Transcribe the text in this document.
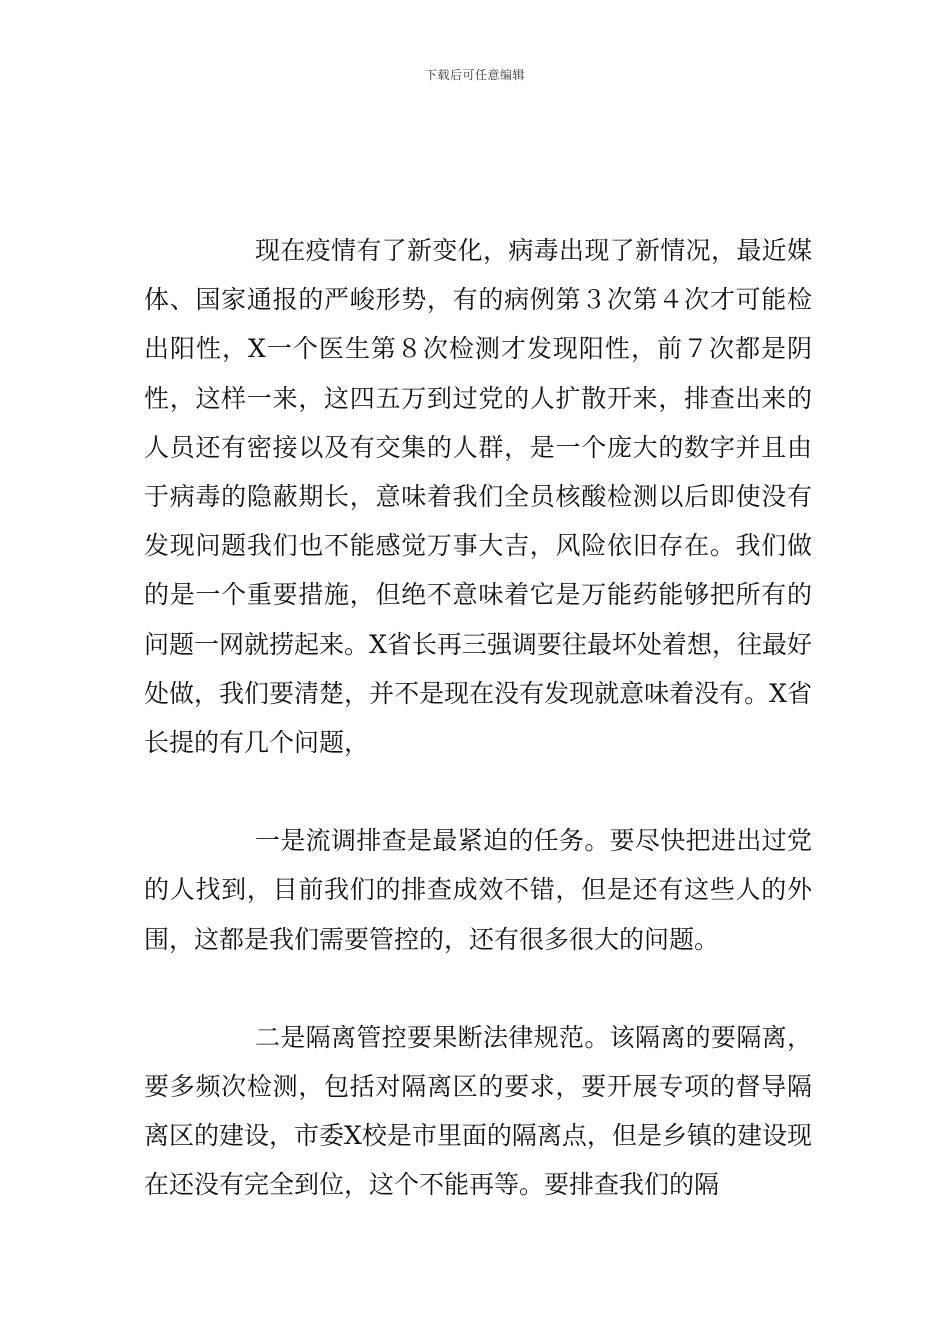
下载后可任意编辑

现在疫情有了新变化，病毒出现了新情况，最近媒体、国家通报的严峻形势，有的病例第３次第４次才可能检出阳性，X一个医生第８次检测才发现阳性，前７次都是阴性，这样一来，这四五万到过党的人扩散开来，排查出来的人员还有密接以及有交集的人群，是一个庞大的数字并且由于病毒的隐蔽期长，意味着我们全员核酸检测以后即使没有发现问题我们也不能感觉万事大吉，风险依旧存在。我们做的是一个重要措施，但绝不意味着它是万能药能够把所有的问题一网就捞起来。X省长再三强调要往最坏处着想，往最好处做，我们要清楚，并不是现在没有发现就意味着没有。X省长提的有几个问题，

一是流调排查是最紧迫的任务。要尽快把进出过党的人找到，目前我们的排查成效不错，但是还有这些人的外围，这都是我们需要管控的，还有很多很大的问题。

二是隔离管控要果断法律规范。该隔离的要隔离，要多频次检测，包括对隔离区的要求，要开展专项的督导隔离区的建设，市委X校是市里面的隔离点，但是乡镇的建设现在还没有完全到位，这个不能再等。要排查我们的隔
